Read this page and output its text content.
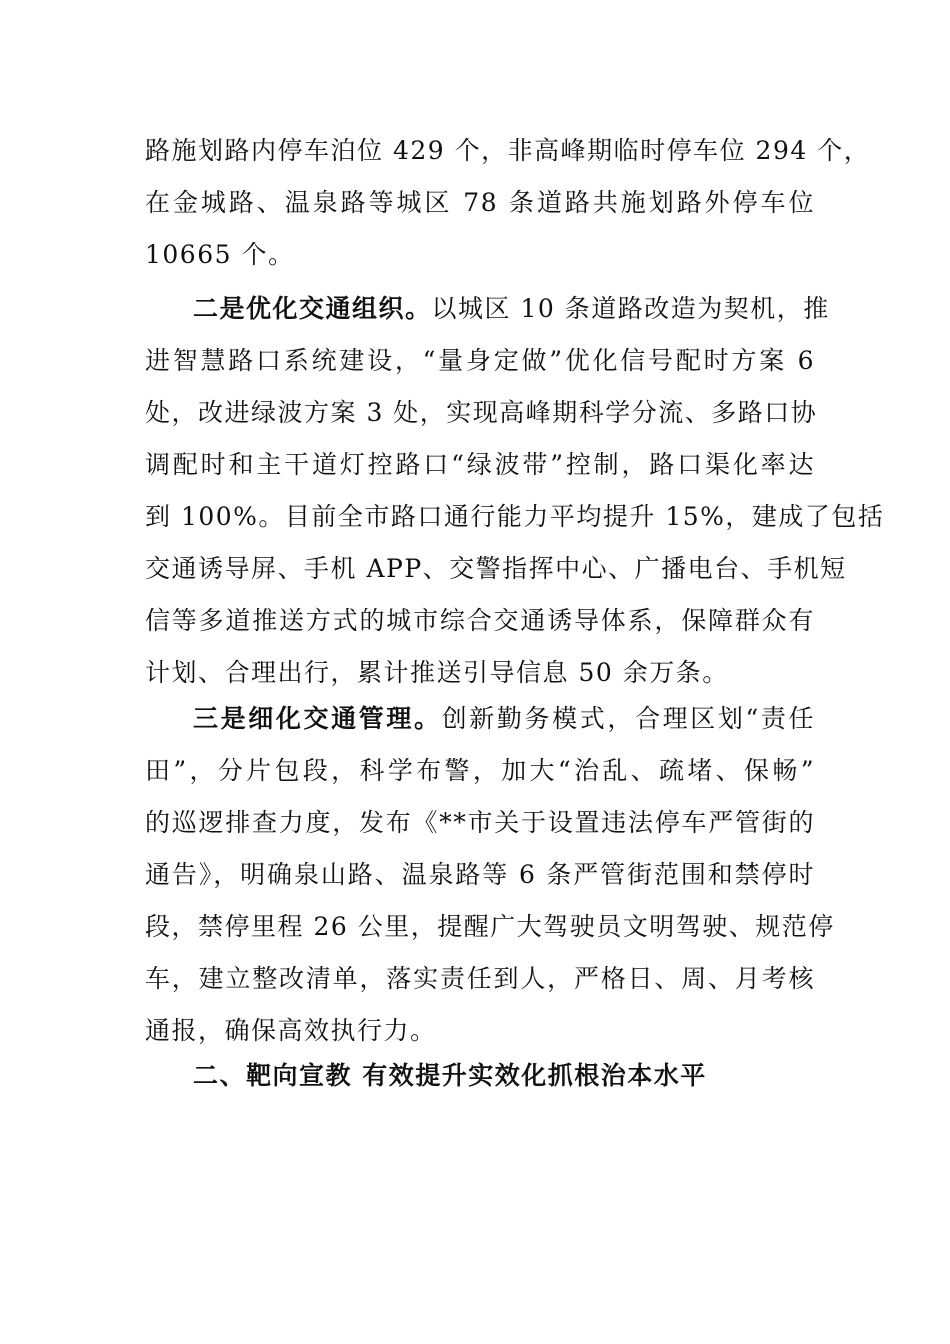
路施划路内停车泊位 429 个，非高峰期临时停车位 294 个，
在金城路、温泉路等城区 78 条道路共施划路外停车位
10665 个。
二是优化交通组织。以城区 10 条道路改造为契机，推
进智慧路口系统建设，“量身定做”优化信号配时方案 6
处，改进绿波方案 3 处，实现高峰期科学分流、多路口协
调配时和主干道灯控路口“绿波带”控制，路口渠化率达
到 100%。目前全市路口通行能力平均提升 15%，建成了包括
交通诱导屏、手机 APP、交警指挥中心、广播电台、手机短
信等多道推送方式的城市综合交通诱导体系，保障群众有
计划、合理出行，累计推送引导信息 50 余万条。
三是细化交通管理。创新勤务模式，合理区划“责任
田”，分片包段，科学布警，加大“治乱、疏堵、保畅”
的巡逻排查力度，发布《**市关于设置违法停车严管街的
通告》，明确泉山路、温泉路等 6 条严管街范围和禁停时
段，禁停里程 26 公里，提醒广大驾驶员文明驾驶、规范停
车，建立整改清单，落实责任到人，严格日、周、月考核
通报，确保高效执行力。
二、靶向宣教 有效提升实效化抓根治本水平
